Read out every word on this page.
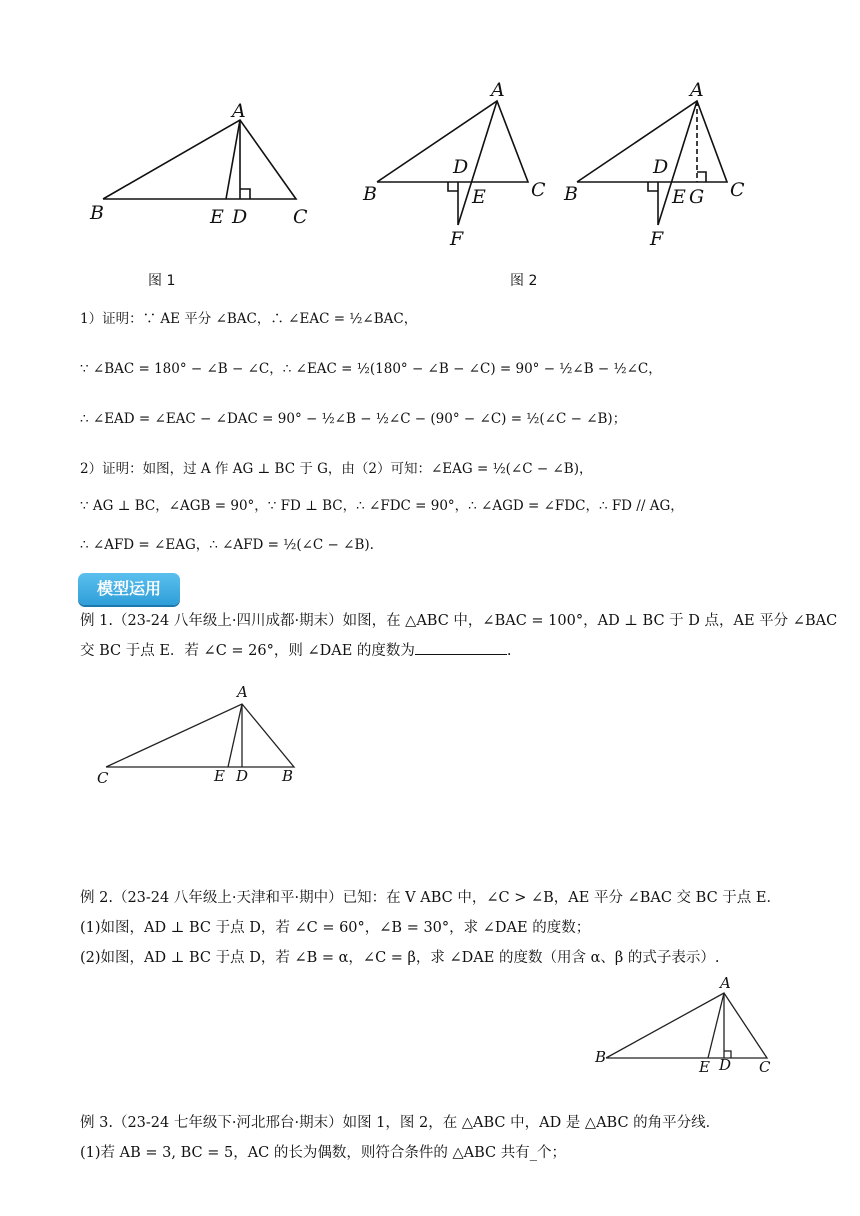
A
B	E D C
A
B	C
D
E
F
A
B	C
D
E G
F
图 1	图 2
1）证明：∵ AE 平分 ∠BAC，∴ ∠EAC = ½∠BAC，
∵ ∠BAC = 180° − ∠B − ∠C，∴ ∠EAC = ½(180° − ∠B − ∠C) = 90° − ½∠B − ½∠C，
∴ ∠EAD = ∠EAC − ∠DAC = 90° − ½∠B − ½∠C − (90° − ∠C) = ½(∠C − ∠B)；
2）证明：如图，过 A 作 AG ⊥ BC 于 G，由（2）可知：∠EAG = ½(∠C − ∠B)，
∵ AG ⊥ BC，∠AGB = 90°，∵ FD ⊥ BC，∴ ∠FDC = 90°，∴ ∠AGD = ∠FDC，∴ FD // AG，
∴ ∠AFD = ∠EAG，∴ ∠AFD = ½(∠C − ∠B).
模型运用
例 1.（23-24 八年级上·四川成都·期末）如图，在 △ABC 中，∠BAC = 100°，AD ⊥ BC 于 D 点，AE 平分 ∠BAC
交 BC 于点 E．若 ∠C = 26°，则 ∠DAE 的度数为	.
A
C	E D B
例 2.（23-24 八年级上·天津和平·期中）已知：在 V ABC 中，∠C > ∠B，AE 平分 ∠BAC 交 BC 于点 E．
(1)如图，AD ⊥ BC 于点 D，若 ∠C = 60°，∠B = 30°，求 ∠DAE 的度数；
(2)如图，AD ⊥ BC 于点 D，若 ∠B = α，∠C = β，求 ∠DAE 的度数（用含 α、β 的式子表示）.
A
B
E D C
例 3.（23-24 七年级下·河北邢台·期末）如图 1，图 2，在 △ABC 中，AD 是 △ABC 的角平分线．
(1)若 AB = 3, BC = 5，AC 的长为偶数，则符合条件的 △ABC 共有_个；
